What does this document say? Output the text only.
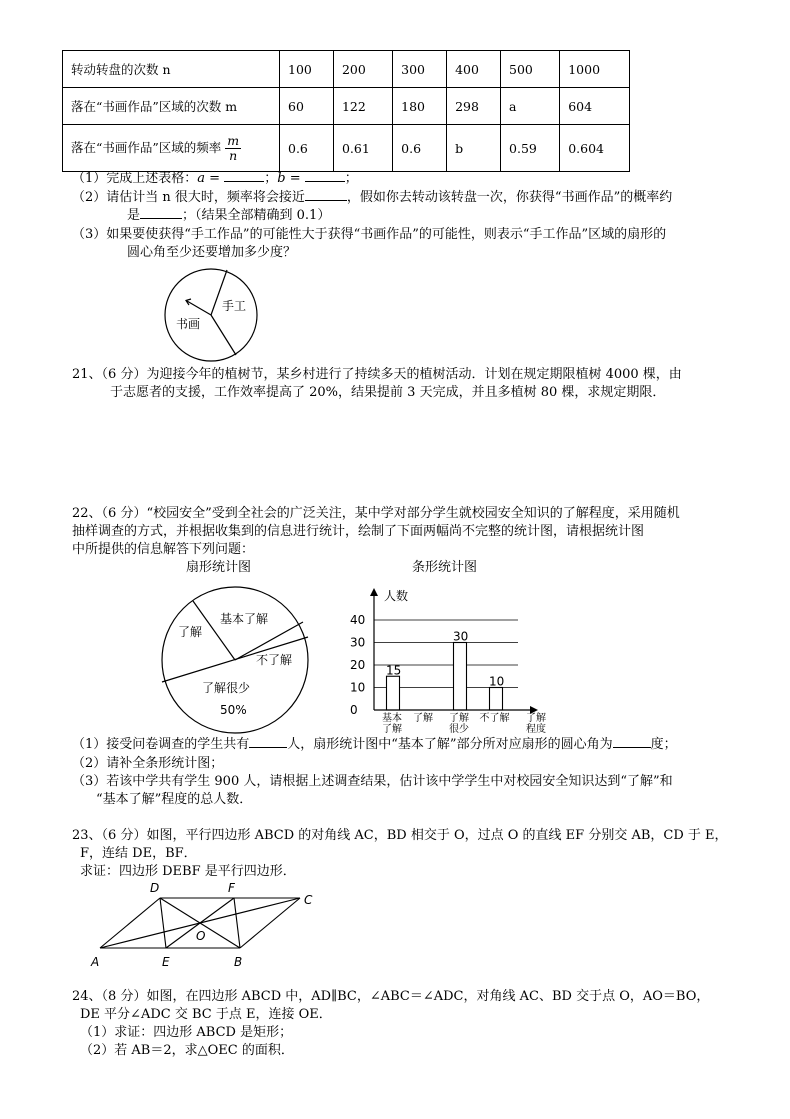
转动转盘的次数 n	100	200	300	400	500	1000
落在“书画作品”区域的次数 m	60	122	180	298	a	604
落在“书画作品”区域的频率 $\frac{m}{n}$	0.6	0.61	0.6	b	0.59	0.604
（1）完成上述表格：a =	；b =	；
（2）请估计当 n 很大时，频率将会接近	，假如你去转动该转盘一次，你获得“书画作品”的概率约
是	；（结果全部精确到 0.1）
（3）如果要使获得“手工作品”的可能性大于获得“书画作品”的可能性，则表示“手工作品”区域的扇形的
圆心角至少还要增加多少度？
手工
书画
21、（6 分）为迎接今年的植树节，某乡村进行了持续多天的植树活动．计划在规定期限植树 4000 棵，由
于志愿者的支援，工作效率提高了 20%，结果提前 3 天完成，并且多植树 80 棵，求规定期限．
22、（6 分）“校园安全”受到全社会的广泛关注，某中学对部分学生就校园安全知识的了解程度，采用随机
抽样调查的方式，并根据收集到的信息进行统计，绘制了下面两幅尚不完整的统计图，请根据统计图
中所提供的信息解答下列问题：
扇形统计图	条形统计图
基本了解
了解
不了解
了解很少
50%
人数
0
10
20
30
40
15
30
10
基本
了解
了解 了解
很少
不了解 了解
程度
（1）接受问卷调查的学生共有	人，扇形统计图中“基本了解”部分所对应扇形的圆心角为	度；
（2）请补全条形统计图；
（3）若该中学共有学生 900 人，请根据上述调查结果，估计该中学学生中对校园安全知识达到“了解”和
“基本了解”程度的总人数．
23、（6 分）如图，平行四边形 ABCD 的对角线 AC，BD 相交于 O，过点 O 的直线 EF 分别交 AB，CD 于 E，
F，连结 DE，BF．
求证：四边形 DEBF 是平行四边形．
A	B
C
D
E
F
O
24、（8 分）如图，在四边形 ABCD 中，AD∥BC，∠ABC＝∠ADC，对角线 AC、BD 交于点 O，AO＝BO，
DE 平分∠ADC 交 BC 于点 E，连接 OE．
（1）求证：四边形 ABCD 是矩形；
（2）若 AB＝2，求△OEC 的面积．
